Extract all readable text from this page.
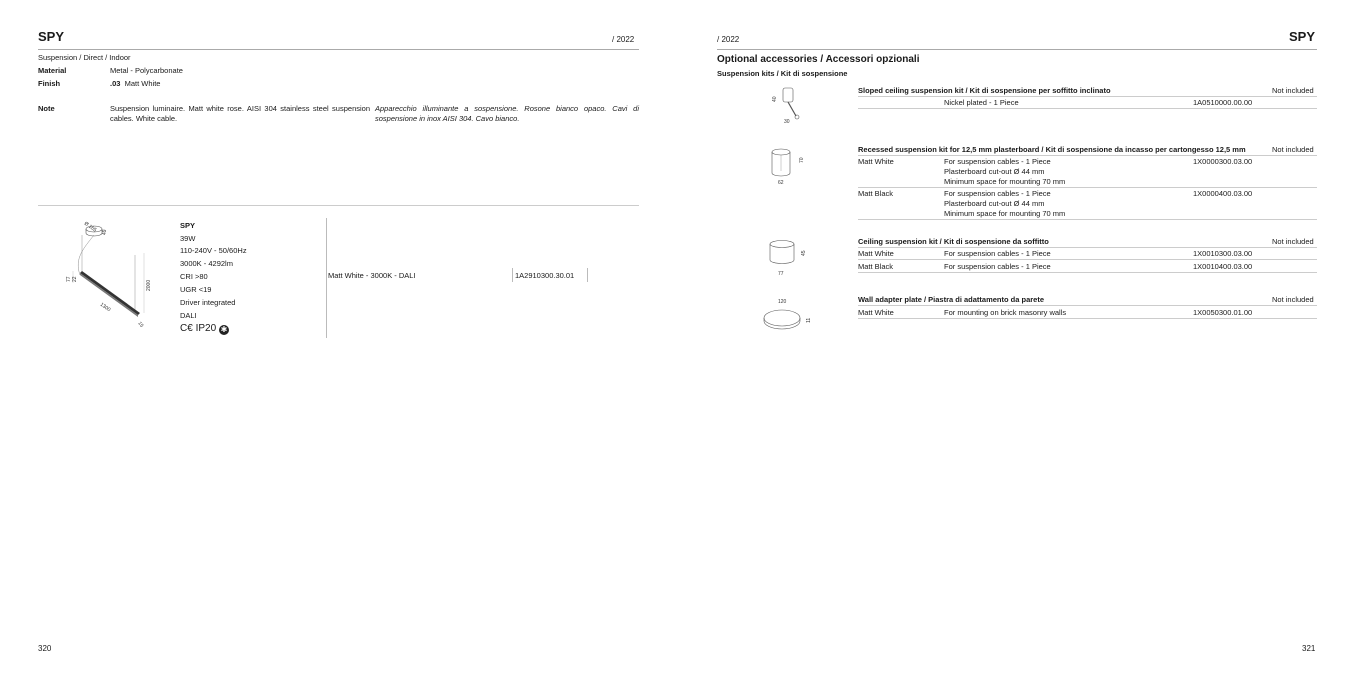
SPY	/ 2022
Suspension / Direct / Indoor
Material	Metal - Polycarbonate
Finish	.03 Matt White
Note	Suspension luminaire. Matt white rose. AISI 304 stainless steel suspension cables. White cable.
Apparecchio illuminante a sospensione. Rosone bianco opaco. Cavi di sospensione in inox AISI 304. Cavo bianco.
Ø 165 49
2000
1300
77
15
22
SPY
39W
110-240V - 50/60Hz
3000K - 4292lm
CRI >80
UGR <19
Driver integrated
DALI
C€ IP20 ✱
Matt White - 3000K - DALI	1A2910300.30.01
320
/ 2022	SPY
Optional accessories / Accessori opzionali
Suspension kits / Kit di sospensione
40
30
Sloped ceiling suspension kit / Kit di sospensione per soffitto inclinato	Not included
Nickel plated - 1 Piece	1A0510000.00.00
70
62
Recessed suspension kit for 12,5 mm plasterboard / Kit di sospensione da incasso per cartongesso 12,5 mm	Not included
Matt White	For suspension cables - 1 Piece
Plasterboard cut-out Ø 44 mm
Minimum space for mounting 70 mm
1X0000300.03.00
Matt Black	For suspension cables - 1 Piece
Plasterboard cut-out Ø 44 mm
Minimum space for mounting 70 mm
1X0000400.03.00
45
77
Ceiling suspension kit / Kit di sospensione da soffitto	Not included
Matt White	For suspension cables - 1 Piece	1X0010300.03.00
Matt Black	For suspension cables - 1 Piece	1X0010400.03.00
120
11
Wall adapter plate / Piastra di adattamento da parete	Not included
Matt White	For mounting on brick masonry walls	1X0050300.01.00
321
